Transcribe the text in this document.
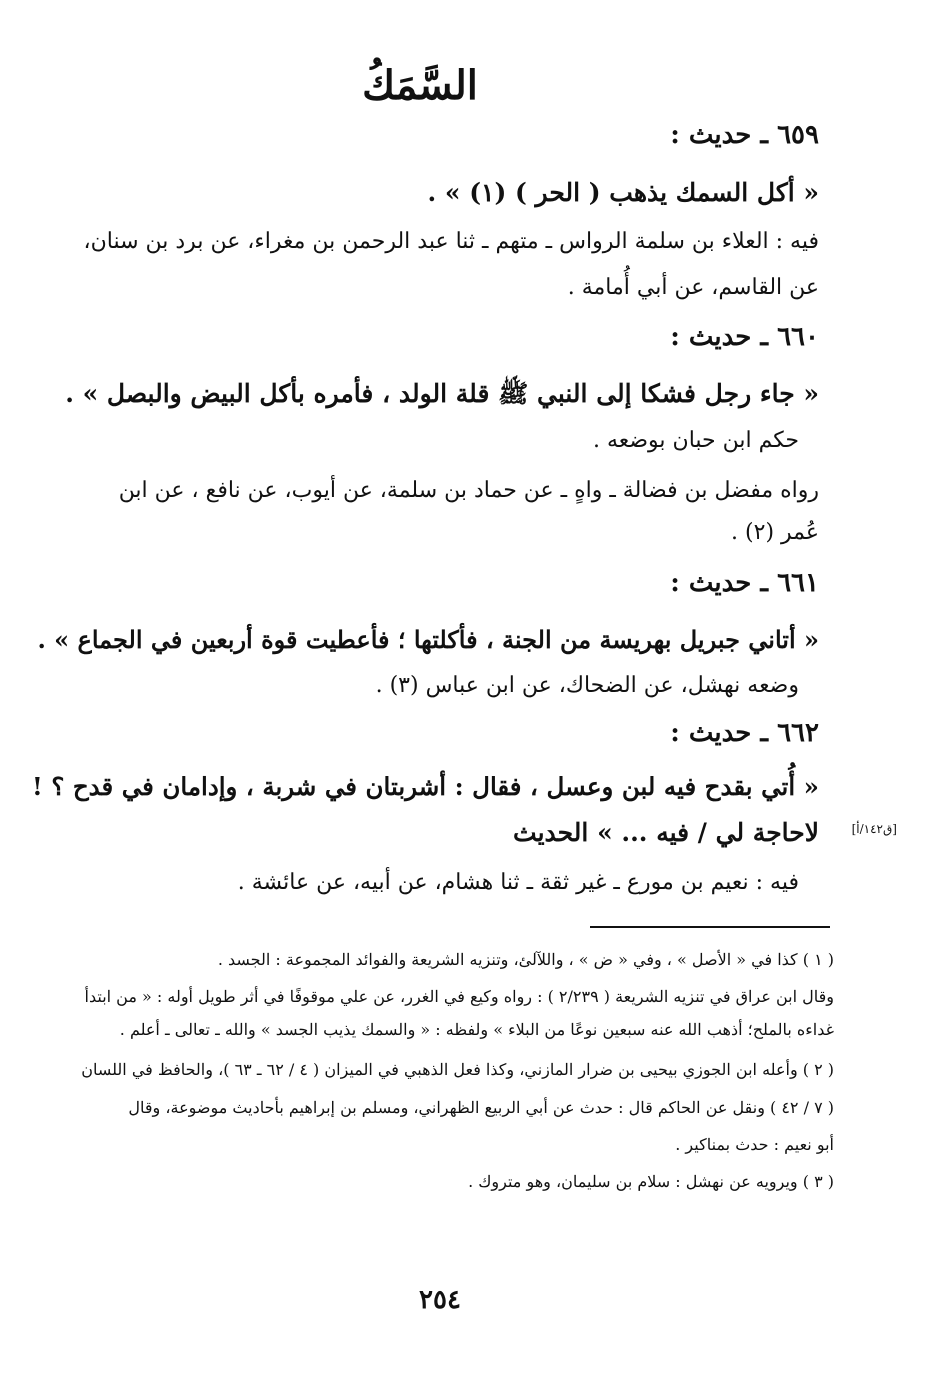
السَّمَكُ
٦٥٩ ـ حديث :
« أكل السمك يذهب ( الحر ) (١) » .
فيه : العلاء بن سلمة الرواس ـ متهم ـ ثنا عبد الرحمن بن مغراء، عن برد بن سنان،
عن القاسم، عن أبي أُمامة .
٦٦٠ ـ حديث :
« جاء رجل فشكا إلى النبي ﷺ قلة الولد ، فأمره بأكل البيض والبصل » .
حكم ابن حبان بوضعه .
رواه مفضل بن فضالة ـ واهٍ ـ عن حماد بن سلمة، عن أيوب، عن نافع ، عن ابن
عُمر (٢) .
٦٦١ ـ حديث :
« أتاني جبريل بهريسة من الجنة ، فأكلتها ؛ فأعطيت قوة أربعين في الجماع » .
وضعه نهشل، عن الضحاك، عن ابن عباس (٣) .
٦٦٢ ـ حديث :
« أُتي بقدح فيه لبن وعسل ، فقال : أشربتان في شربة ، وإدامان في قدح ؟ !
[ق١٤٢/أ]
لاحاجة لي / فيه ... » الحديث
فيه : نعيم بن مورع ـ غير ثقة ـ ثنا هشام، عن أبيه، عن عائشة .
( ١ ) كذا في « الأصل » ، وفي « ض » ، واللآلئ، وتنزيه الشريعة والفوائد المجموعة : الجسد .
وقال ابن عراق في تنزيه الشريعة ( ٢/٢٣٩ ) : رواه وكيع في الغرر، عن علي موقوفًا في أثر طويل أوله : « من ابتدأ
غداءه بالملح؛ أذهب الله عنه سبعين نوعًا من البلاء » ولفظه : « والسمك يذيب الجسد » والله ـ تعالى ـ أعلم .
( ٢ ) وأعله ابن الجوزي بيحيى بن ضرار المازني، وكذا فعل الذهبي في الميزان ( ٤ / ٦٢ ـ ٦٣ )، والحافظ في اللسان
( ٧ / ٤٢ ) ونقل عن الحاكم قال : حدث عن أبي الربيع الظهراني، ومسلم بن إبراهيم بأحاديث موضوعة، وقال
أبو نعيم : حدث بمناكير .
( ٣ ) ويرويه عن نهشل : سلام بن سليمان، وهو متروك .
٢٥٤
